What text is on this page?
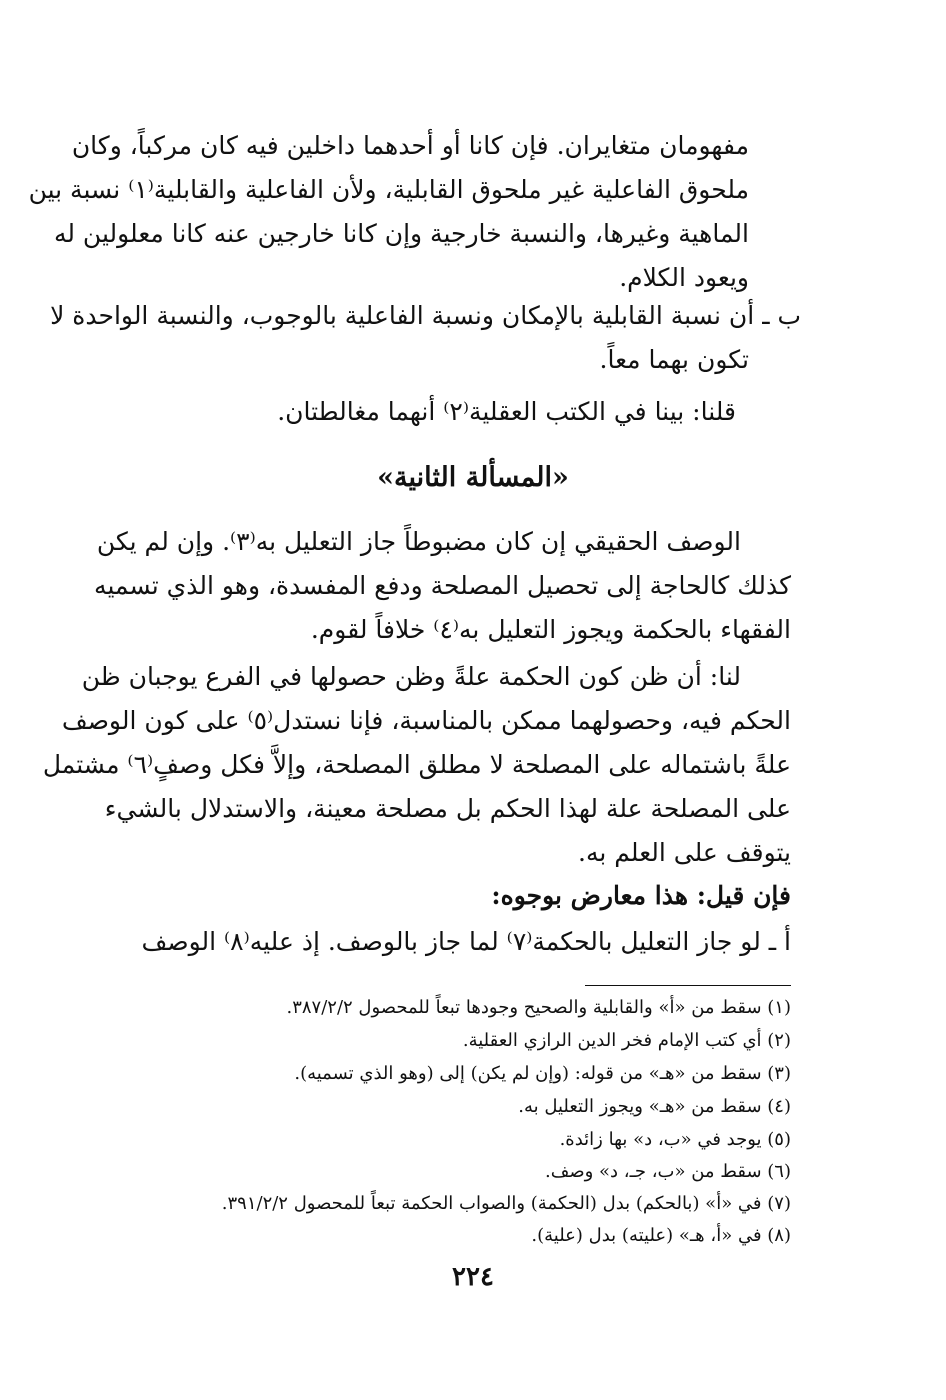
مفهومان متغايران. فإن كانا أو أحدهما داخلين فيه كان مركباً، وكان
ملحوق الفاعلية غير ملحوق القابلية، ولأن الفاعلية والقابلية⁽١⁾ نسبة بين
الماهية وغيرها، والنسبة خارجية وإن كانا خارجين عنه كانا معلولين له
ويعود الكلام.
ب ـ أن نسبة القابلية بالإمكان ونسبة الفاعلية بالوجوب، والنسبة الواحدة لا
تكون بهما معاً.
قلنا: بينا في الكتب العقلية⁽٢⁾ أنهما مغالطتان.
«المسألة الثانية»
الوصف الحقيقي إن كان مضبوطاً جاز التعليل به⁽٣⁾. وإن لم يكن
كذلك كالحاجة إلى تحصيل المصلحة ودفع المفسدة، وهو الذي تسميه
الفقهاء بالحكمة ويجوز التعليل به⁽٤⁾ خلافاً لقوم.
لنا: أن ظن كون الحكمة علةً وظن حصولها في الفرع يوجبان ظن
الحكم فيه، وحصولهما ممكن بالمناسبة، فإنا نستدل⁽٥⁾ على كون الوصف
علةً باشتماله على المصلحة لا مطلق المصلحة، وإلاَّ فكل وصفٍ⁽٦⁾ مشتمل
على المصلحة علة لهذا الحكم بل مصلحة معينة، والاستدلال بالشيء
يتوقف على العلم به.
فإن قيل: هذا معارض بوجوه:
أ ـ لو جاز التعليل بالحكمة⁽٧⁾ لما جاز بالوصف. إذ عليه⁽٨⁾ الوصف
(١) سقط من «أ» والقابلية والصحيح وجودها تبعاً للمحصول ٣٨٧/٢/٢.
(٢) أي كتب الإمام فخر الدين الرازي العقلية.
(٣) سقط من «هـ» من قوله: (وإن لم يكن) إلى (وهو الذي تسميه).
(٤) سقط من «هـ» ويجوز التعليل به.
(٥) يوجد في «ب، د» بها زائدة.
(٦) سقط من «ب، جـ، د» وصف.
(٧) في «أ» (بالحكم) بدل (الحكمة) والصواب الحكمة تبعاً للمحصول ٣٩١/٢/٢.
(٨) في «أ، هـ» (عليته) بدل (علية).
٢٢٤
